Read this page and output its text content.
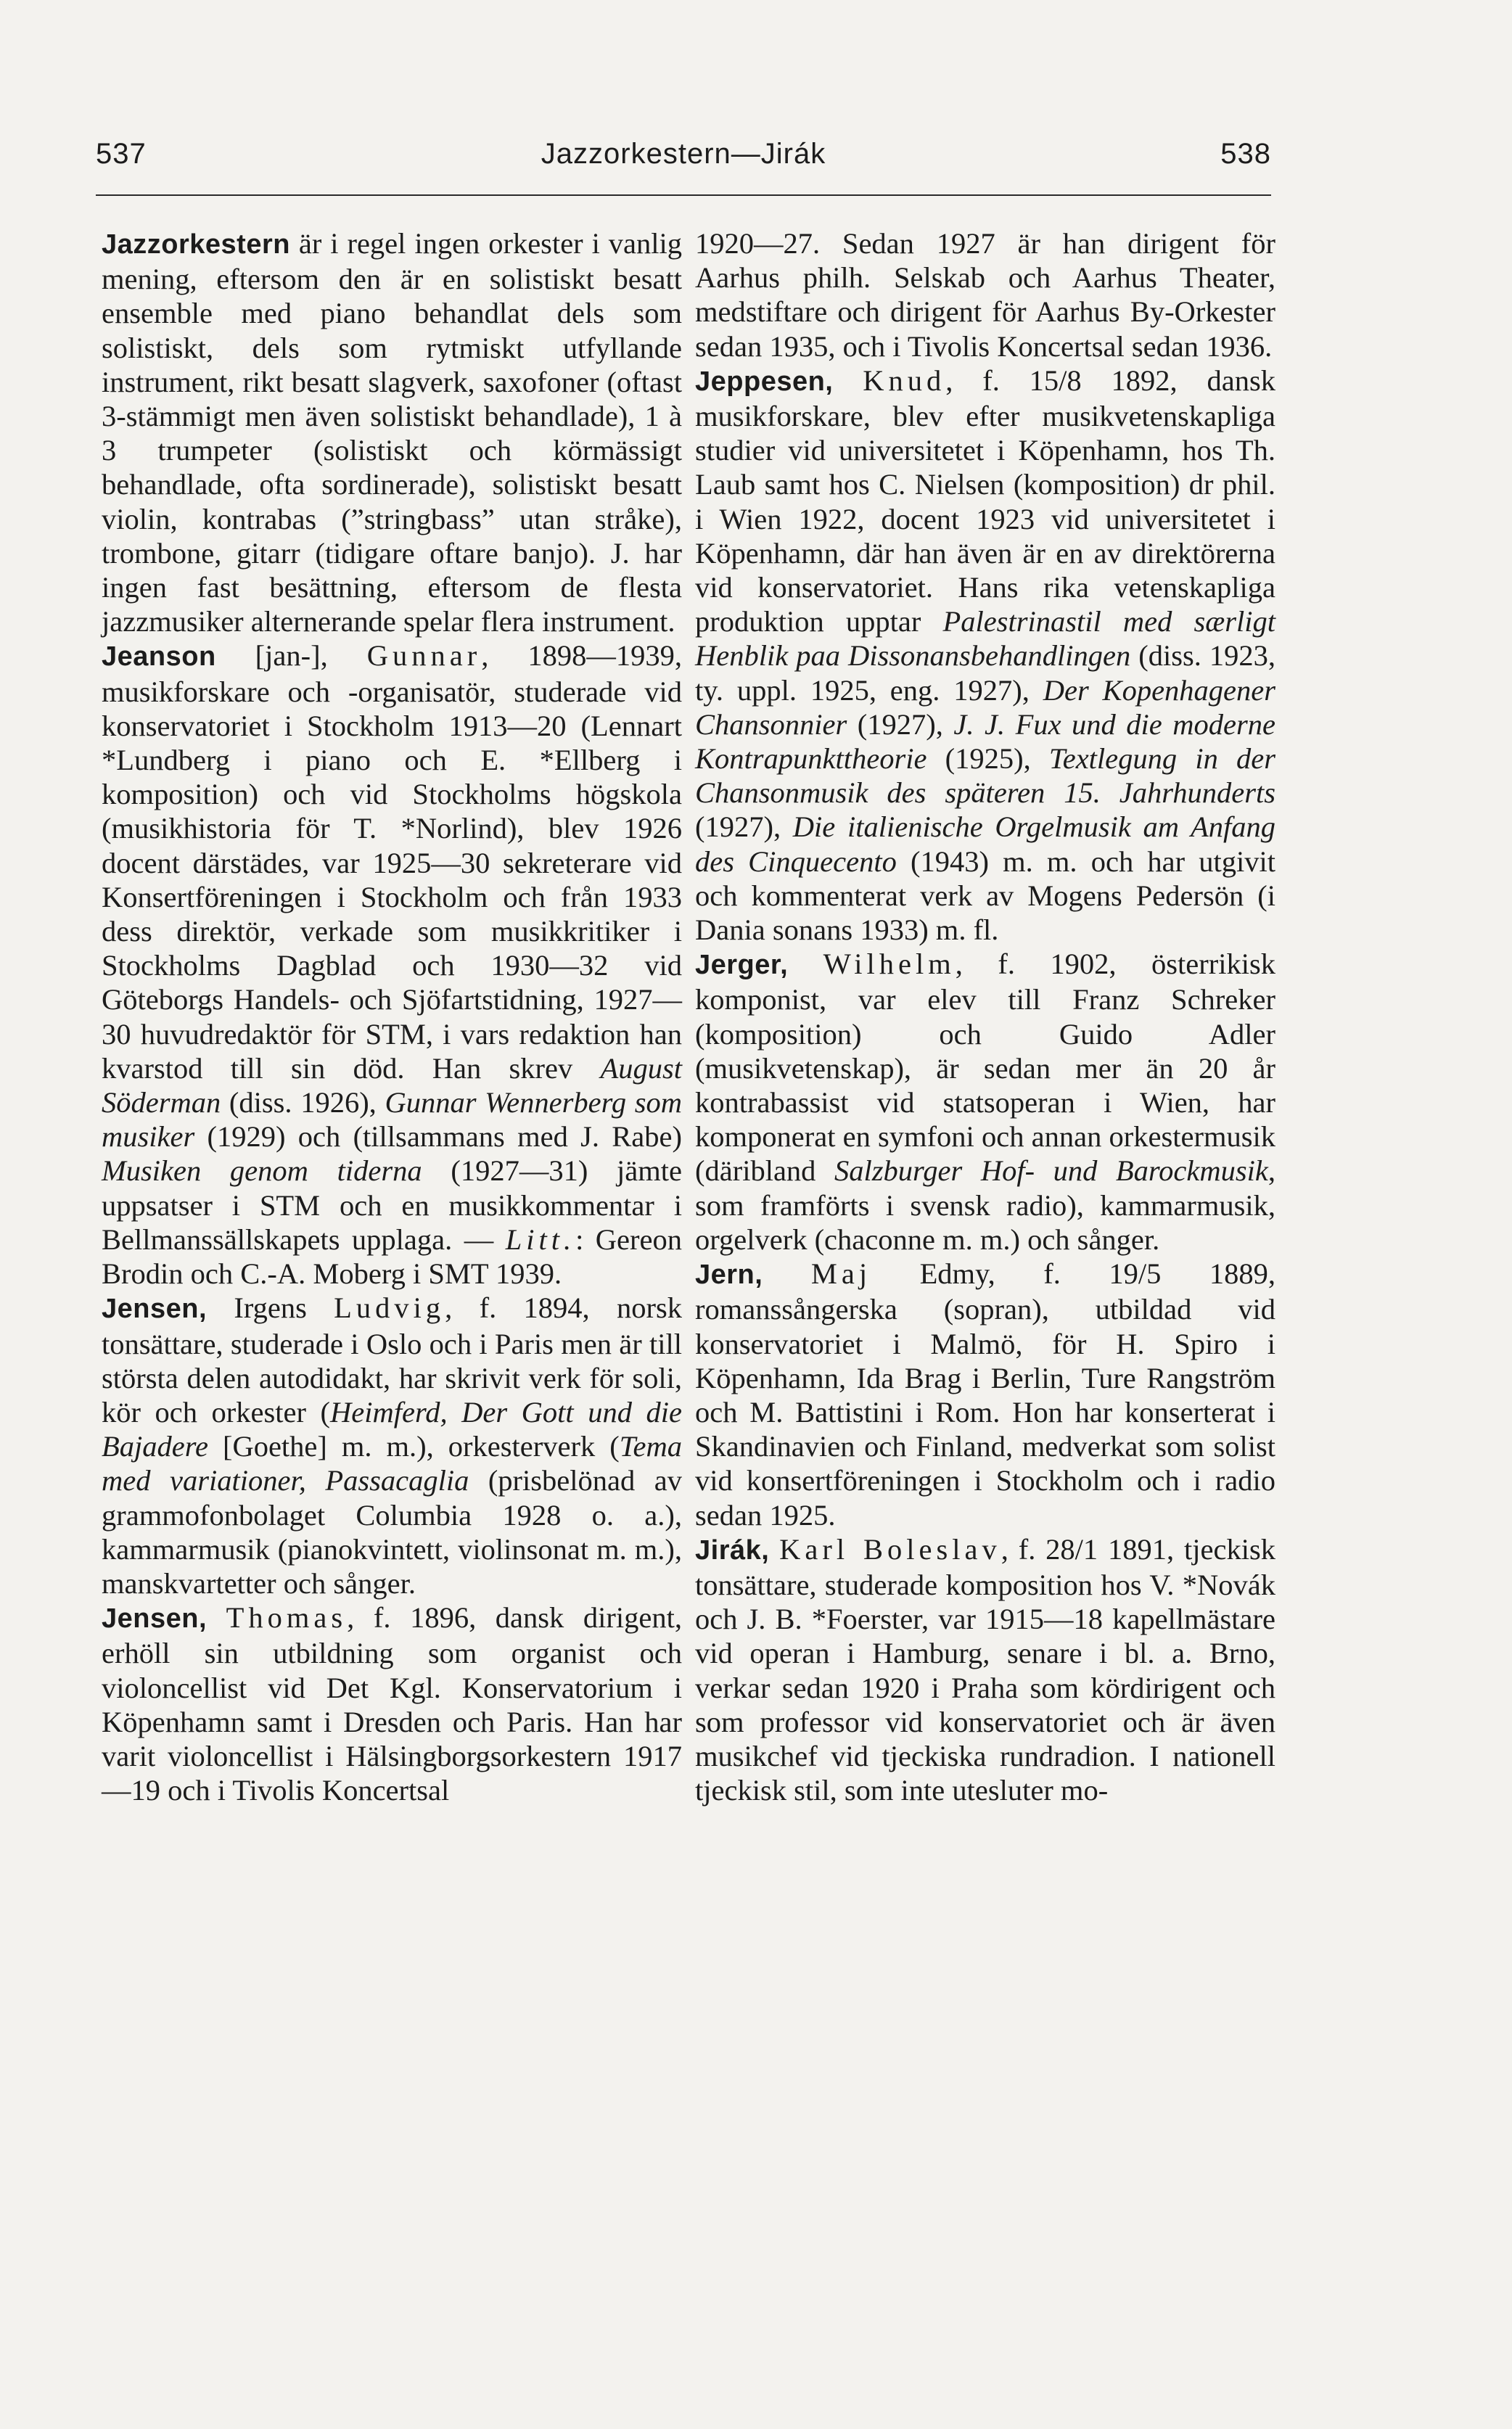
537	Jazzorkestern—Jirák	538

Jazzorkestern är i regel ingen orkester i vanlig mening, eftersom den är en solistiskt besatt ensemble med piano behandlat dels som solistiskt, dels som rytmiskt utfyllande instrument, rikt besatt slagverk, saxofoner (oftast 3-stämmigt men även solistiskt behandlade), 1 à 3 trumpeter (solistiskt och körmässigt behandlade, ofta sordinerade), solistiskt besatt violin, kontrabas (”stringbass” utan stråke), trombone, gitarr (tidigare oftare banjo). J. har ingen fast besättning, eftersom de flesta jazzmusiker alternerande spelar flera instrument.

Jeanson [jan-], Gunnar, 1898—1939, musikforskare och -organisatör, studerade vid konservatoriet i Stockholm 1913—20 (Lennart *Lundberg i piano och E. *Ellberg i komposition) och vid Stockholms högskola (musikhistoria för T. *Norlind), blev 1926 docent därstädes, var 1925—30 sekreterare vid Konsertföreningen i Stockholm och från 1933 dess direktör, verkade som musikkritiker i Stockholms Dagblad och 1930—32 vid Göteborgs Handels- och Sjöfartstidning, 1927—30 huvudredaktör för STM, i vars redaktion han kvarstod till sin död. Han skrev August Söderman (diss. 1926), Gunnar Wennerberg som musiker (1929) och (tillsammans med J. Rabe) Musiken genom tiderna (1927—31) jämte uppsatser i STM och en musikkommentar i Bellmanssällskapets upplaga. — Litt.: Gereon Brodin och C.-A. Moberg i SMT 1939.

Jensen, Irgens Ludvig, f. 1894, norsk tonsättare, studerade i Oslo och i Paris men är till största delen autodidakt, har skrivit verk för soli, kör och orkester (Heimferd, Der Gott und die Bajadere [Goethe] m. m.), orkesterverk (Tema med variationer, Passacaglia (prisbelönad av grammofonbolaget Columbia 1928 o. a.), kammarmusik (pianokvintett, violinsonat m. m.), manskvartetter och sånger.

Jensen, Thomas, f. 1896, dansk dirigent, erhöll sin utbildning som organist och violoncellist vid Det Kgl. Konservatorium i Köpenhamn samt i Dresden och Paris. Han har varit violoncellist i Hälsingborgsorkestern 1917—19 och i Tivolis Koncertsal

1920—27. Sedan 1927 är han dirigent för Aarhus philh. Selskab och Aarhus Theater, medstiftare och dirigent för Aarhus By-Orkester sedan 1935, och i Tivolis Koncertsal sedan 1936.

Jeppesen, Knud, f. 15/8 1892, dansk musikforskare, blev efter musikvetenskapliga studier vid universitetet i Köpenhamn, hos Th. Laub samt hos C. Nielsen (komposition) dr phil. i Wien 1922, docent 1923 vid universitetet i Köpenhamn, där han även är en av direktörerna vid konservatoriet. Hans rika vetenskapliga produktion upptar Palestrinastil med særligt Henblik paa Dissonansbehandlingen (diss. 1923, ty. uppl. 1925, eng. 1927), Der Kopenhagener Chansonnier (1927), J. J. Fux und die moderne Kontrapunkttheorie (1925), Textlegung in der Chansonmusik des späteren 15. Jahrhunderts (1927), Die italienische Orgelmusik am Anfang des Cinquecento (1943) m. m. och har utgivit och kommenterat verk av Mogens Pedersön (i Dania sonans 1933) m. fl.

Jerger, Wilhelm, f. 1902, österrikisk komponist, var elev till Franz Schreker (komposition) och Guido Adler (musikvetenskap), är sedan mer än 20 år kontrabassist vid statsoperan i Wien, har komponerat en symfoni och annan orkestermusik (däribland Salzburger Hof- und Barockmusik, som framförts i svensk radio), kammarmusik, orgelverk (chaconne m. m.) och sånger.

Jern, Maj Edmy, f. 19/5 1889, romanssångerska (sopran), utbildad vid konservatoriet i Malmö, för H. Spiro i Köpenhamn, Ida Brag i Berlin, Ture Rangström och M. Battistini i Rom. Hon har konserterat i Skandinavien och Finland, medverkat som solist vid konsertföreningen i Stockholm och i radio sedan 1925.

Jirák, Karl Boleslav, f. 28/1 1891, tjeckisk tonsättare, studerade komposition hos V. *Novák och J. B. *Foerster, var 1915—18 kapellmästare vid operan i Hamburg, senare i bl. a. Brno, verkar sedan 1920 i Praha som kördirigent och som professor vid konservatoriet och är även musikchef vid tjeckiska rundradion. I nationell tjeckisk stil, som inte utesluter mo-
